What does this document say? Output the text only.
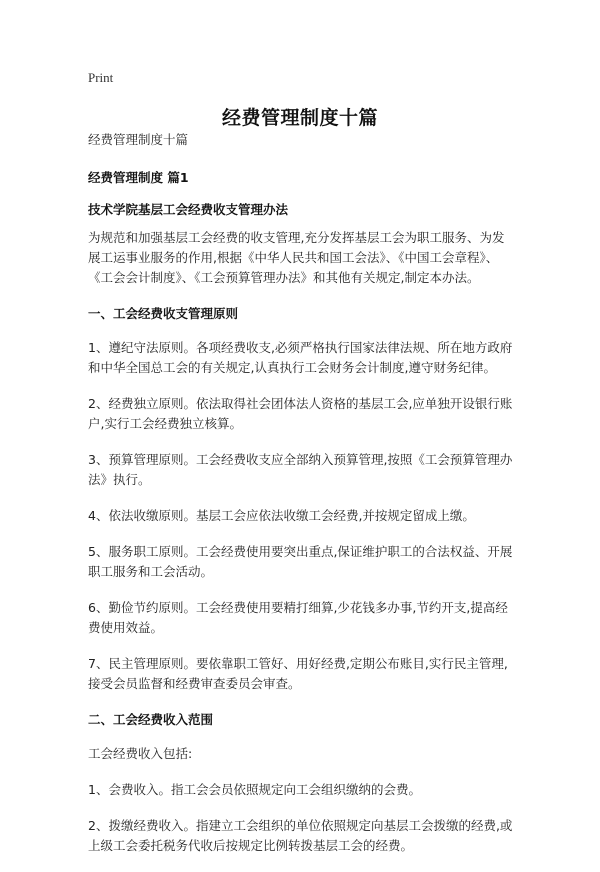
Print
经费管理制度十篇

经费管理制度十篇

经费管理制度 篇1

技术学院基层工会经费收支管理办法

为规范和加强基层工会经费的收支管理,充分发挥基层工会为职工服务、为发展工运事业服务的作用,根据《中华人民共和国工会法》、《中国工会章程》、《工会会计制度》、《工会预算管理办法》和其他有关规定,制定本办法。

一、工会经费收支管理原则

1、遵纪守法原则。各项经费收支,必须严格执行国家法律法规、所在地方政府和中华全国总工会的有关规定,认真执行工会财务会计制度,遵守财务纪律。

2、经费独立原则。依法取得社会团体法人资格的基层工会,应单独开设银行账户,实行工会经费独立核算。

3、预算管理原则。工会经费收支应全部纳入预算管理,按照《工会预算管理办法》执行。

4、依法收缴原则。基层工会应依法收缴工会经费,并按规定留成上缴。

5、服务职工原则。工会经费使用要突出重点,保证维护职工的合法权益、开展职工服务和工会活动。

6、勤俭节约原则。工会经费使用要精打细算,少花钱多办事,节约开支,提高经费使用效益。

7、民主管理原则。要依靠职工管好、用好经费,定期公布账目,实行民主管理,接受会员监督和经费审查委员会审查。

二、工会经费收入范围

工会经费收入包括:

1、会费收入。指工会会员依照规定向工会组织缴纳的会费。

2、拨缴经费收入。指建立工会组织的单位依照规定向基层工会拨缴的经费,或上级工会委托税务代收后按规定比例转拨基层工会的经费。
